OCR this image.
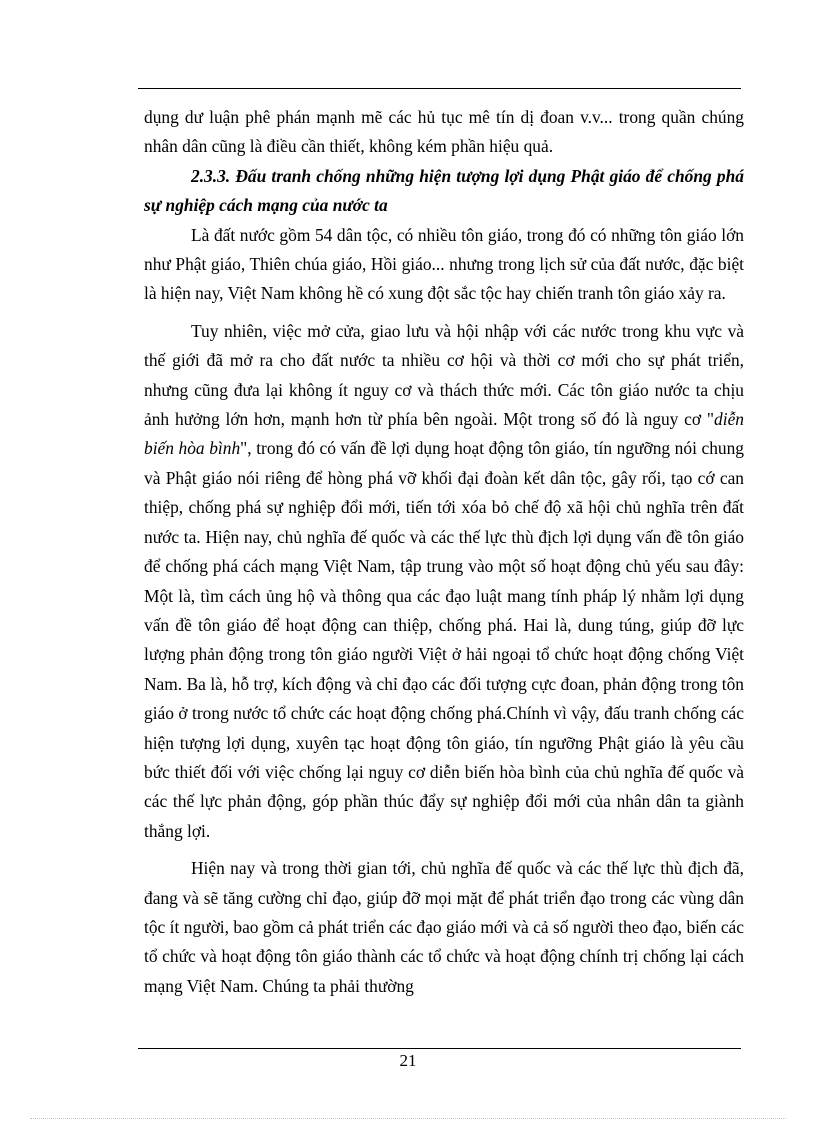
dụng dư luận phê phán mạnh mẽ các hủ tục mê tín dị đoan v.v... trong quần chúng nhân dân cũng là điều cần thiết, không kém phần hiệu quả.

2.3.3. Đấu tranh chống những hiện tượng lợi dụng Phật giáo để chống phá sự nghiệp cách mạng của nước ta

Là đất nước gồm 54 dân tộc, có nhiều tôn giáo, trong đó có những tôn giáo lớn như Phật giáo, Thiên chúa giáo, Hồi giáo... nhưng trong lịch sử của đất nước, đặc biệt là hiện nay, Việt Nam không hề có xung đột sắc tộc hay chiến tranh tôn giáo xảy ra.

Tuy nhiên, việc mở cửa, giao lưu và hội nhập với các nước trong khu vực và thế giới đã mở ra cho đất nước ta nhiều cơ hội và thời cơ mới cho sự phát triển, nhưng cũng đưa lại không ít nguy cơ và thách thức mới. Các tôn giáo nước ta chịu ảnh hưởng lớn hơn, mạnh hơn từ phía bên ngoài. Một trong số đó là nguy cơ "diễn biến hòa bình", trong đó có vấn đề lợi dụng hoạt động tôn giáo, tín ngưỡng nói chung và Phật giáo nói riêng để hòng phá vỡ khối đại đoàn kết dân tộc, gây rối, tạo cớ can thiệp, chống phá sự nghiệp đổi mới, tiến tới xóa bỏ chế độ xã hội chủ nghĩa trên đất nước ta. Hiện nay, chủ nghĩa đế quốc và các thế lực thù địch lợi dụng vấn đề tôn giáo để chống phá cách mạng Việt Nam, tập trung vào một số hoạt động chủ yếu sau đây: Một là, tìm cách ủng hộ và thông qua các đạo luật mang tính pháp lý nhằm lợi dụng vấn đề tôn giáo để hoạt động can thiệp, chống phá. Hai là, dung túng, giúp đỡ lực lượng phản động trong tôn giáo người Việt ở hải ngoại tổ chức hoạt động chống Việt Nam. Ba là, hỗ trợ, kích động và chỉ đạo các đối tượng cực đoan, phản động trong tôn giáo ở trong nước tổ chức các hoạt động chống phá.Chính vì vậy, đấu tranh chống các hiện tượng lợi dụng, xuyên tạc hoạt động tôn giáo, tín ngưỡng Phật giáo là yêu cầu bức thiết đối với việc chống lại nguy cơ diễn biến hòa bình của chủ nghĩa đế quốc và các thế lực phản động, góp phần thúc đẩy sự nghiệp đổi mới của nhân dân ta giành thắng lợi.

Hiện nay và trong thời gian tới, chủ nghĩa đế quốc và các thế lực thù địch đã, đang và sẽ tăng cường chỉ đạo, giúp đỡ mọi mặt để phát triển đạo trong các vùng dân tộc ít người, bao gồm cả phát triển các đạo giáo mới và cả số người theo đạo, biến các tổ chức và hoạt động tôn giáo thành các tổ chức và hoạt động chính trị chống lại cách mạng Việt Nam. Chúng ta phải thường

21
